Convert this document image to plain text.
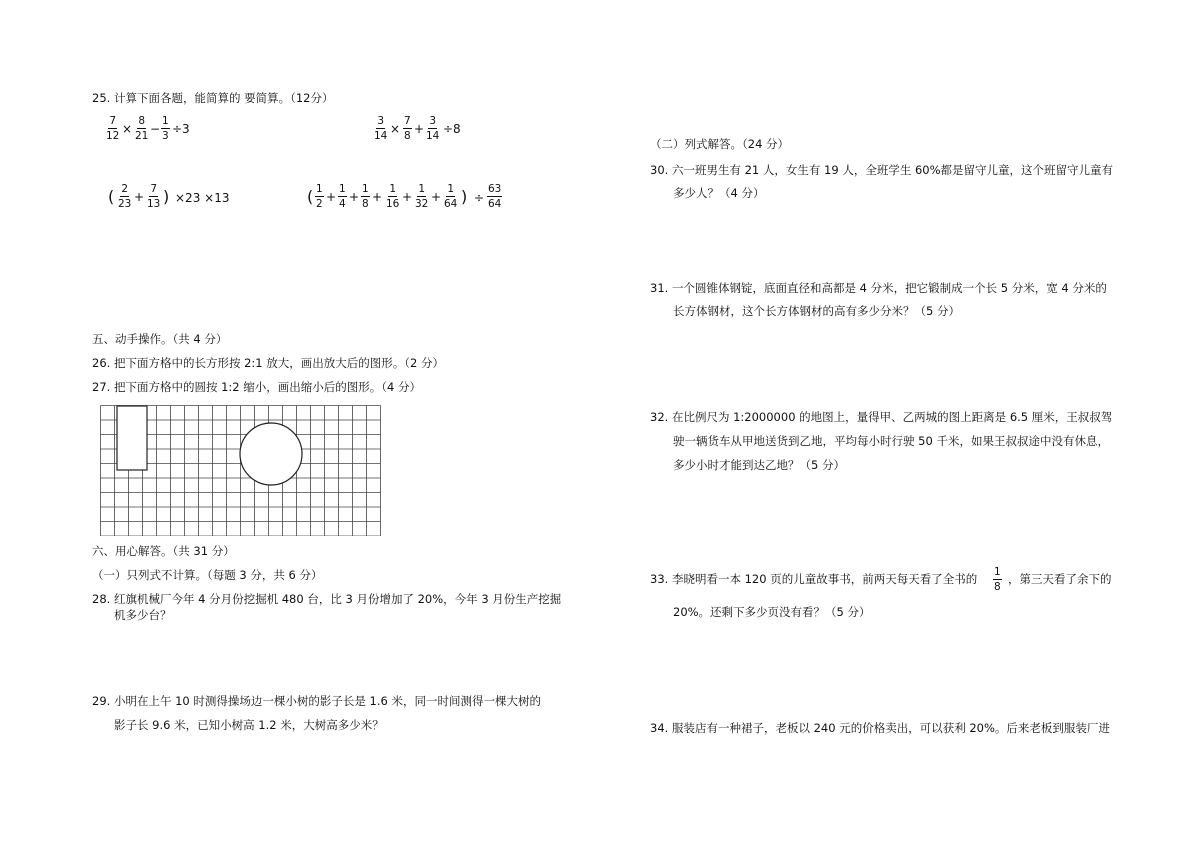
25. 计算下面各题，能简算的 要简算。（12分）
$\frac{7}{12} \times \frac{8}{21} - \frac{1}{3} \div 3$	$\frac{3}{14} \times \frac{7}{8} + \frac{3}{14} \div 8$
( $\frac{2}{23} + \frac{7}{13}$ ) ×23 ×13	( $\frac{1}{2} + \frac{1}{4} + \frac{1}{8} + \frac{1}{16} + \frac{1}{32} + \frac{1}{64}$ ) ÷ $\frac{63}{64}$
五、动手操作。（共 4 分）
26. 把下面方格中的长方形按 2:1 放大，画出放大后的图形。（2 分）
27. 把下面方格中的圆按 1:2 缩小，画出缩小后的图形。（4 分）
六、用心解答。（共 31 分）
（一）只列式不计算。（每题 3 分，共 6 分）
28. 红旗机械厂今年 4 分月份挖掘机 480 台，比 3 月份增加了 20%，今年 3 月份生产挖掘
机多少台？
29. 小明在上午 10 时测得操场边一棵小树的影子长是 1.6 米，同一时间测得一棵大树的
影子长 9.6 米，已知小树高 1.2 米，大树高多少米？
（二）列式解答。（24 分）
30. 六一班男生有 21 人，女生有 19 人，全班学生 60%都是留守儿童，这个班留守儿童有
多少人？（4 分）
31. 一个圆锥体钢锭，底面直径和高都是 4 分米，把它锻制成一个长 5 分米，宽 4 分米的
长方体钢材，这个长方体钢材的高有多少分米？（5 分）
32. 在比例尺为 1:2000000 的地图上，量得甲、乙两城的图上距离是 6.5 厘米，王叔叔驾
驶一辆货车从甲地送货到乙地，平均每小时行驶 50 千米，如果王叔叔途中没有休息，
多少小时才能到达乙地？（5 分）
33. 李晓明看一本 120 页的儿童故事书，前两天每天看了全书的 $\frac{1}{8}$ ，第三天看了余下的
20%。还剩下多少页没有看？（5 分）
34. 服装店有一种裙子，老板以 240 元的价格卖出，可以获利 20%。后来老板到服装厂进
